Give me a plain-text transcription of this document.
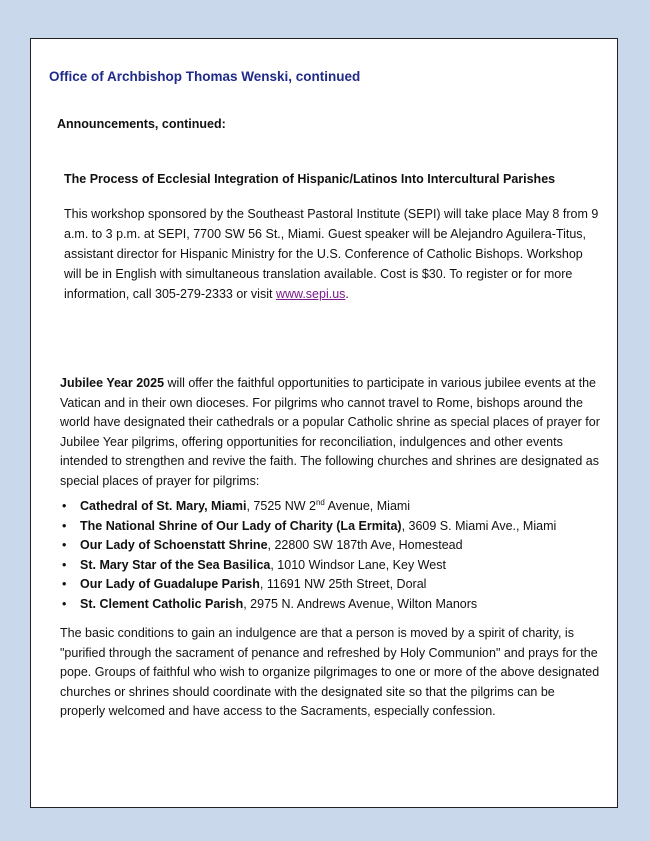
Office of Archbishop Thomas Wenski, continued
Announcements, continued:
The Process of Ecclesial Integration of Hispanic/Latinos Into Intercultural Parishes
This workshop sponsored by the Southeast Pastoral Institute (SEPI) will take place May 8 from 9 a.m. to 3 p.m. at SEPI, 7700 SW 56 St., Miami. Guest speaker will be Alejandro Aguilera-Titus, assistant director for Hispanic Ministry for the U.S. Conference of Catholic Bishops. Workshop will be in English with simultaneous translation available. Cost is $30. To register or for more information, call 305-279-2333 or visit www.sepi.us.
Jubilee Year 2025 will offer the faithful opportunities to participate in various jubilee events at the Vatican and in their own dioceses. For pilgrims who cannot travel to Rome, bishops around the world have designated their cathedrals or a popular Catholic shrine as special places of prayer for Jubilee Year pilgrims, offering opportunities for reconciliation, indulgences and other events intended to strengthen and revive the faith. The following churches and shrines are designated as special places of prayer for pilgrims:
• Cathedral of St. Mary, Miami, 7525 NW 2nd Avenue, Miami
• The National Shrine of Our Lady of Charity (La Ermita), 3609 S. Miami Ave., Miami
• Our Lady of Schoenstatt Shrine, 22800 SW 187th Ave, Homestead
• St. Mary Star of the Sea Basilica, 1010 Windsor Lane, Key West
• Our Lady of Guadalupe Parish, 11691 NW 25th Street, Doral
• St. Clement Catholic Parish, 2975 N. Andrews Avenue, Wilton Manors
The basic conditions to gain an indulgence are that a person is moved by a spirit of charity, is "purified through the sacrament of penance and refreshed by Holy Communion" and prays for the pope. Groups of faithful who wish to organize pilgrimages to one or more of the above designated churches or shrines should coordinate with the designated site so that the pilgrims can be properly welcomed and have access to the Sacraments, especially confession.
